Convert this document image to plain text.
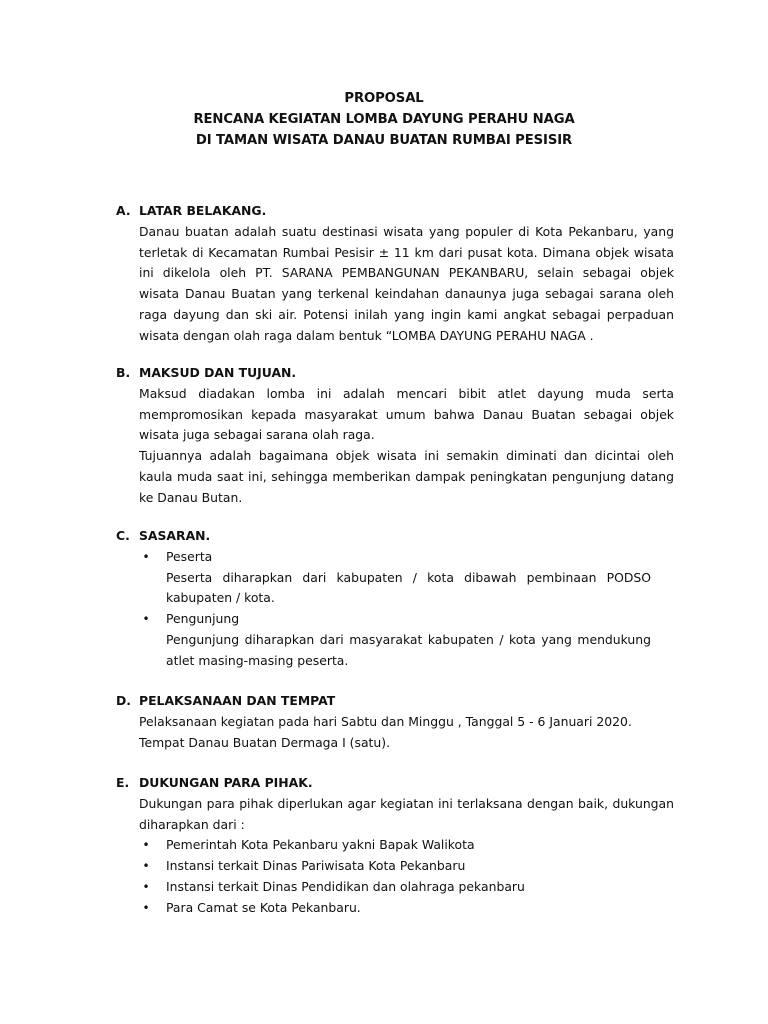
PROPOSAL
RENCANA KEGIATAN LOMBA DAYUNG PERAHU NAGA
DI TAMAN WISATA DANAU BUATAN RUMBAI PESISIR
A. LATAR BELAKANG.
Danau buatan adalah suatu destinasi wisata yang populer di Kota Pekanbaru, yang
terletak di Kecamatan Rumbai Pesisir ± 11 km dari pusat kota. Dimana objek wisata
ini dikelola oleh PT. SARANA PEMBANGUNAN PEKANBARU, selain sebagai objek
wisata Danau Buatan yang terkenal keindahan danaunya juga sebagai sarana oleh
raga dayung dan ski air. Potensi inilah yang ingin kami angkat sebagai perpaduan
wisata dengan olah raga dalam bentuk “LOMBA DAYUNG PERAHU NAGA .
B. MAKSUD DAN TUJUAN.
Maksud diadakan lomba ini adalah mencari bibit atlet dayung muda serta
mempromosikan kepada masyarakat umum bahwa Danau Buatan sebagai objek
wisata juga sebagai sarana olah raga.
Tujuannya adalah bagaimana objek wisata ini semakin diminati dan dicintai oleh
kaula muda saat ini, sehingga memberikan dampak peningkatan pengunjung datang
ke Danau Butan.
C. SASARAN.
• Peserta
Peserta diharapkan dari kabupaten / kota dibawah pembinaan PODSO
kabupaten / kota.
• Pengunjung
Pengunjung diharapkan dari masyarakat kabupaten / kota yang mendukung
atlet masing-masing peserta.
D. PELAKSANAAN DAN TEMPAT
Pelaksanaan kegiatan pada hari Sabtu dan Minggu , Tanggal 5 - 6 Januari 2020.
Tempat Danau Buatan Dermaga I (satu).
E. DUKUNGAN PARA PIHAK.
Dukungan para pihak diperlukan agar kegiatan ini terlaksana dengan baik, dukungan
diharapkan dari :
• Pemerintah Kota Pekanbaru yakni Bapak Walikota
• Instansi terkait Dinas Pariwisata Kota Pekanbaru
• Instansi terkait Dinas Pendidikan dan olahraga pekanbaru
• Para Camat se Kota Pekanbaru.
